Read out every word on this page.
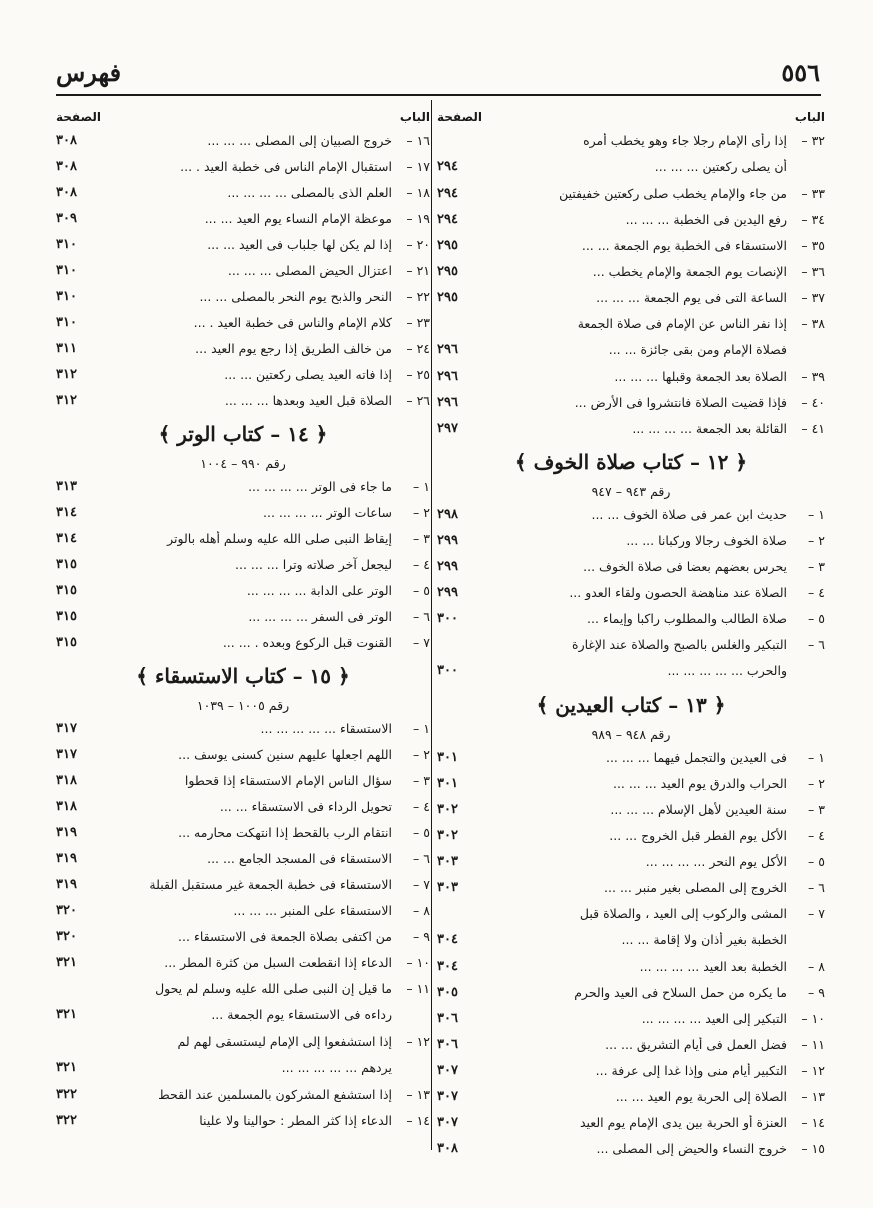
٥٥٦
فهرس
الباب
الصفحة
٣٢ –
إذا رأى الإمام رجلا جاء وهو يخطب أمره
أن يصلى ركعتين ... ... ...
٢٩٤
٣٣ –
من جاء والإمام يخطب صلى ركعتين خفيفتين
٢٩٤
٣٤ –
رفع اليدين فى الخطبة ... ... ...
٢٩٤
٣٥ –
الاستسقاء فى الخطبة يوم الجمعة ... ...
٢٩٥
٣٦ –
الإنصات يوم الجمعة والإمام يخطب ...
٢٩٥
٣٧ –
الساعة التى فى يوم الجمعة ... ... ...
٢٩٥
٣٨ –
إذا نفر الناس عن الإمام فى صلاة الجمعة
فصلاة الإمام ومن بقى جائزة ... ...
٢٩٦
٣٩ –
الصلاة بعد الجمعة وقبلها ... ... ...
٢٩٦
٤٠ –
فإذا قضيت الصلاة فانتشروا فى الأرض ...
٢٩٦
٤١ –
القائلة بعد الجمعة ... ... ... ...
٢٩٧
﴿ ١٢ – كتاب صلاة الخوف ﴾
رقم ٩٤٣ – ٩٤٧
١ –
حديث ابن عمر فى صلاة الخوف ... ...
٢٩٨
٢ –
صلاة الخوف رجالا وركبانا ... ...
٢٩٩
٣ –
يحرس بعضهم بعضا فى صلاة الخوف ...
٢٩٩
٤ –
الصلاة عند مناهضة الحصون ولقاء العدو ...
٢٩٩
٥ –
صلاة الطالب والمطلوب راكبا وإيماء ...
٣٠٠
٦ –
التبكير والغلس بالصبح والصلاة عند الإغارة
والحرب ... ... ... ... ...
٣٠٠
﴿ ١٣ – كتاب العيدين ﴾
رقم ٩٤٨ – ٩٨٩
١ –
فى العيدين والتجمل فيهما ... ... ...
٣٠١
٢ –
الحراب والدرق يوم العيد ... ... ...
٣٠١
٣ –
سنة العيدين لأهل الإسلام ... ... ...
٣٠٢
٤ –
الأكل يوم الفطر قبل الخروج ... ...
٣٠٢
٥ –
الأكل يوم النحر ... ... ... ...
٣٠٣
٦ –
الخروج إلى المصلى بغير منبر ... ...
٣٠٣
٧ –
المشى والركوب إلى العيد ، والصلاة قبل
الخطبة بغير أذان ولا إقامة ... ...
٣٠٤
٨ –
الخطبة بعد العيد ... ... ... ...
٣٠٤
٩ –
ما يكره من حمل السلاح فى العيد والحرم
٣٠٥
١٠ –
التبكير إلى العيد ... ... ... ...
٣٠٦
١١ –
فضل العمل فى أيام التشريق ... ...
٣٠٦
١٢ –
التكبير أيام منى وإذا غدا إلى عرفة ...
٣٠٧
١٣ –
الصلاة إلى الحربة يوم العيد ... ...
٣٠٧
١٤ –
العنزة أو الحربة بين يدى الإمام يوم العيد
٣٠٧
١٥ –
خروج النساء والحيض إلى المصلى ...
٣٠٨
الباب
الصفحة
١٦ –
خروج الصبيان إلى المصلى ... ... ...
٣٠٨
١٧ –
استقبال الإمام الناس فى خطبة العيد . ...
٣٠٨
١٨ –
العلم الذى بالمصلى ... ... ... ...
٣٠٨
١٩ –
موعظة الإمام النساء يوم العيد ... ...
٣٠٩
٢٠ –
إذا لم يكن لها جلباب فى العيد ... ...
٣١٠
٢١ –
اعتزال الحيض المصلى ... ... ...
٣١٠
٢٢ –
النحر والذبح يوم النحر بالمصلى ... ...
٣١٠
٢٣ –
كلام الإمام والناس فى خطبة العيد . ...
٣١٠
٢٤ –
من خالف الطريق إذا رجع يوم العيد ...
٣١١
٢٥ –
إذا فاته العيد يصلى ركعتين ... ...
٣١٢
٢٦ –
الصلاة قبل العيد وبعدها ... ... ...
٣١٢
﴿ ١٤ – كتاب الوتر ﴾
رقم ٩٩٠ – ١٠٠٤
١ –
ما جاء فى الوتر ... ... ... ...
٣١٣
٢ –
ساعات الوتر ... ... ... ...
٣١٤
٣ –
إيقاظ النبى صلى الله عليه وسلم أهله بالوتر
٣١٤
٤ –
ليجعل آخر صلاته وترا ... ... ...
٣١٥
٥ –
الوتر على الدابة ... ... ... ...
٣١٥
٦ –
الوتر فى السفر ... ... ... ...
٣١٥
٧ –
القنوت قبل الركوع وبعده . ... ...
٣١٥
﴿ ١٥ – كتاب الاستسقاء ﴾
رقم ١٠٠٥ – ١٠٣٩
١ –
الاستسقاء ... ... ... ... ...
٣١٧
٢ –
اللهم اجعلها عليهم سنين كسنى يوسف ...
٣١٧
٣ –
سؤال الناس الإمام الاستسقاء إذا قحطوا
٣١٨
٤ –
تحويل الرداء فى الاستسقاء ... ...
٣١٨
٥ –
انتقام الرب بالقحط إذا انتهكت محارمه ...
٣١٩
٦ –
الاستسقاء فى المسجد الجامع ... ...
٣١٩
٧ –
الاستسقاء فى خطبة الجمعة غير مستقبل القبلة
٣١٩
٨ –
الاستسقاء على المنبر ... ... ...
٣٢٠
٩ –
من اكتفى بصلاة الجمعة فى الاستسقاء ...
٣٢٠
١٠ –
الدعاء إذا انقطعت السبل من كثرة المطر ...
٣٢١
١١ –
ما قيل إن النبى صلى الله عليه وسلم لم يحول
رداءه فى الاستسقاء يوم الجمعة ...
٣٢١
١٢ –
إذا استشفعوا إلى الإمام ليستسقى لهم لم
يردهم ... ... ... ... ...
٣٢١
١٣ –
إذا استشفع المشركون بالمسلمين عند القحط
٣٢٢
١٤ –
الدعاء إذا كثر المطر : حوالينا ولا علينا
٣٢٢
